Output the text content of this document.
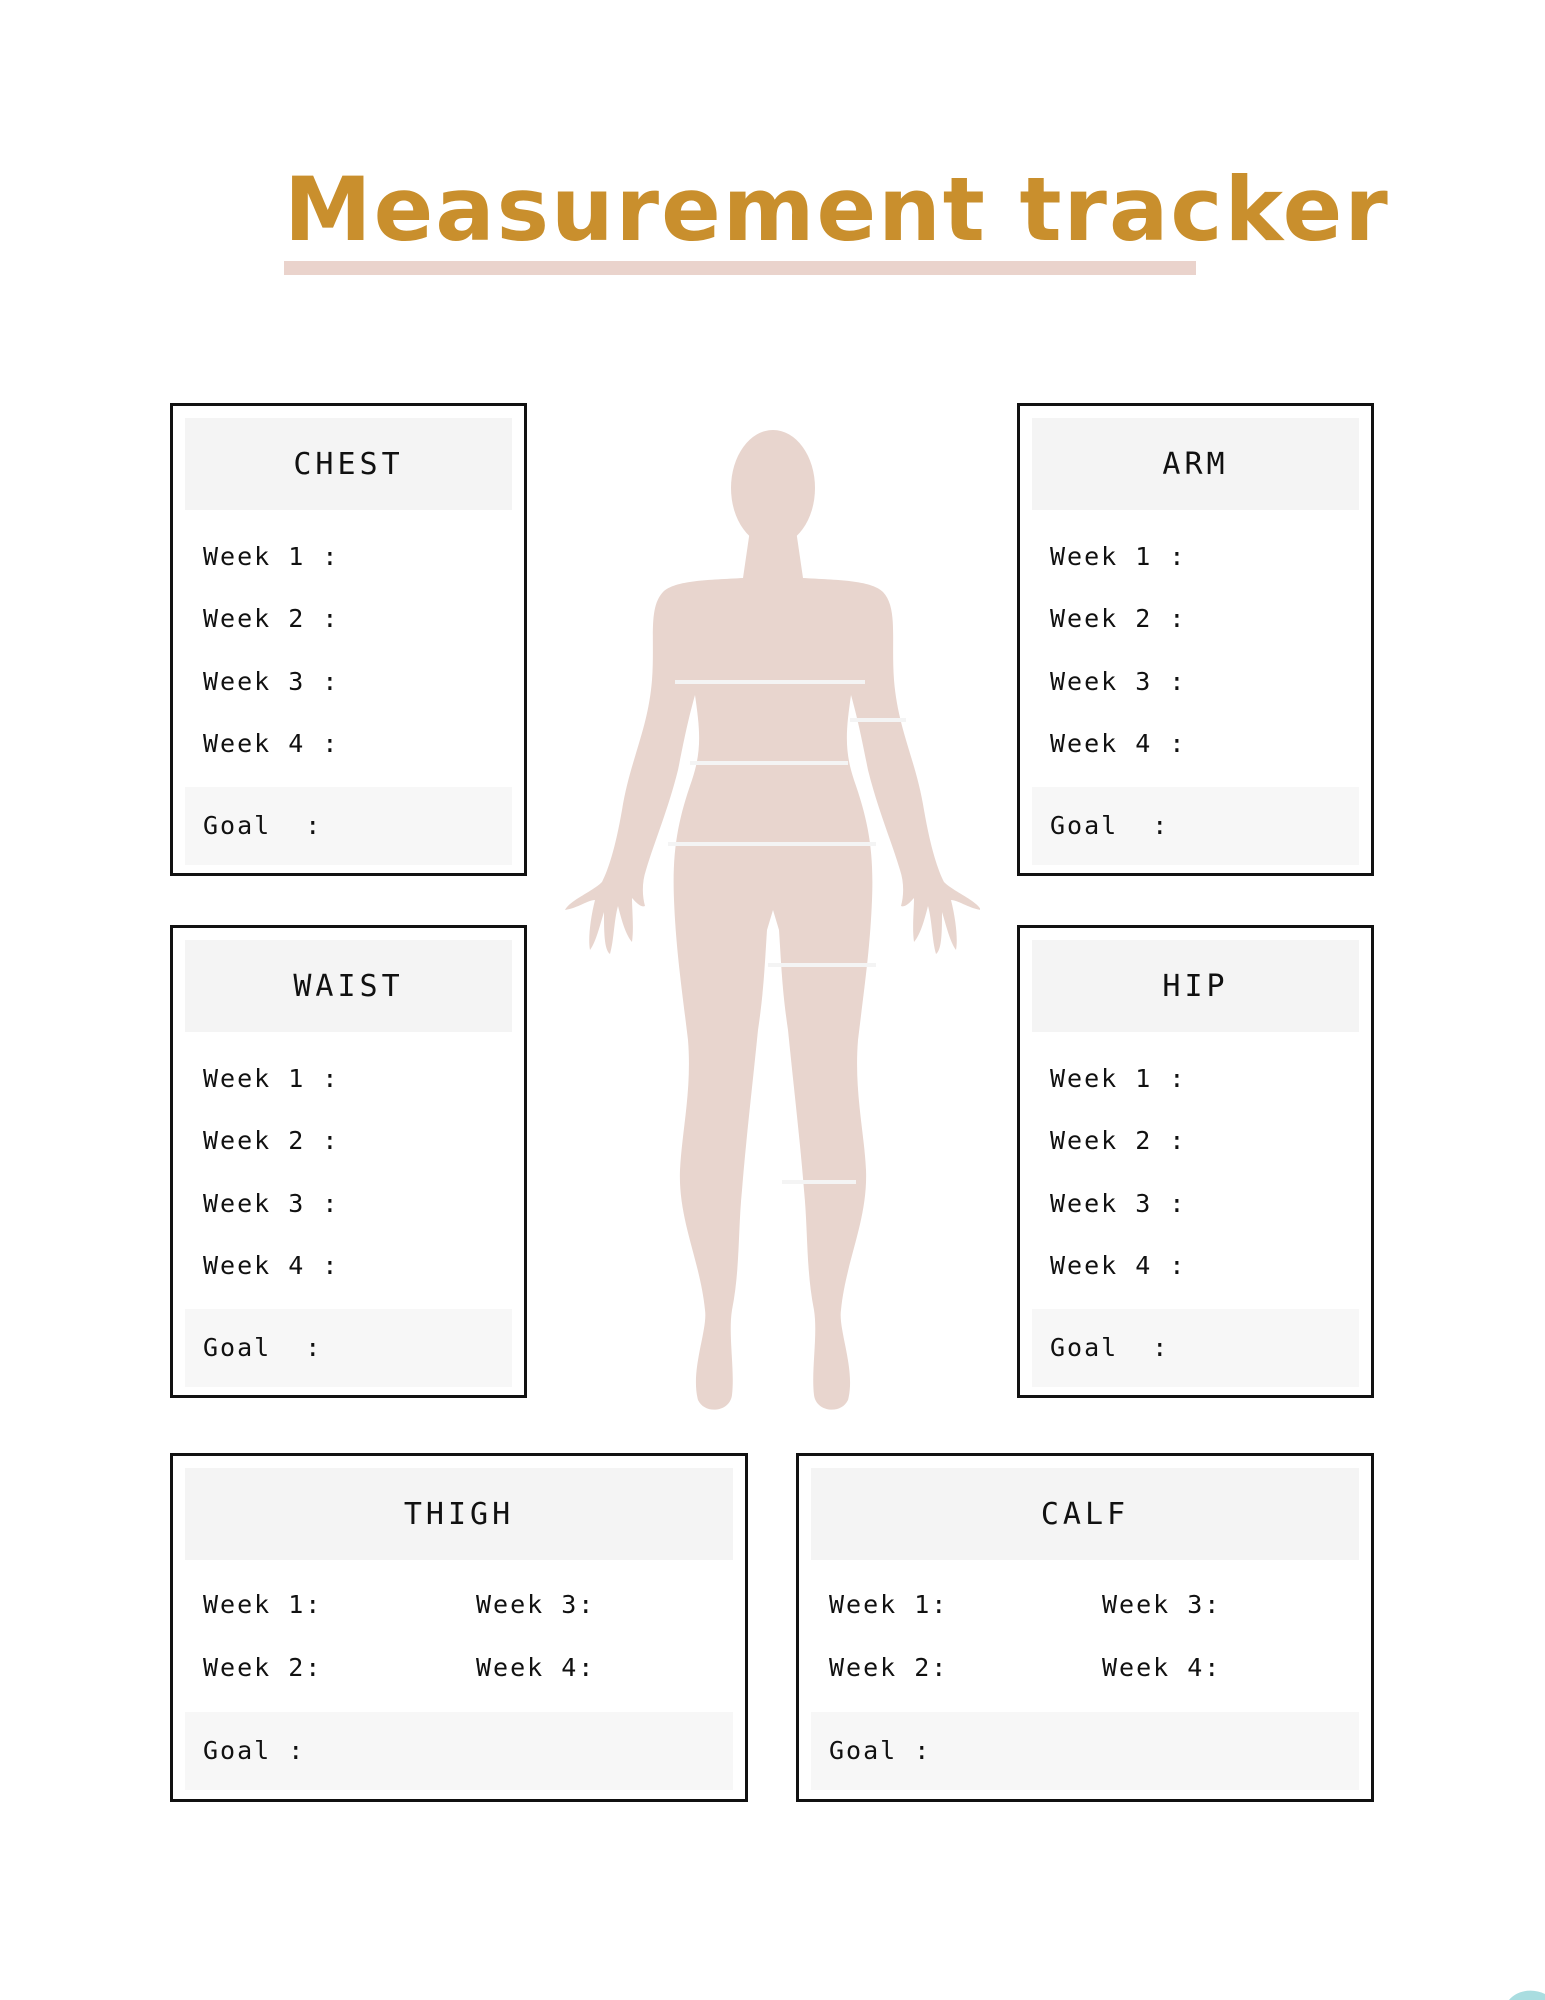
Measurement tracker
CHEST
Week 1 :
Week 2 :
Week 3 :
Week 4 :
Goal  :
ARM
Week 1 :
Week 2 :
Week 3 :
Week 4 :
Goal  :
WAIST
Week 1 :
Week 2 :
Week 3 :
Week 4 :
Goal  :
HIP
Week 1 :
Week 2 :
Week 3 :
Week 4 :
Goal  :
THIGH
Week 1:	Week 3:
Week 2:	Week 4:
Goal :
CALF
Week 1:	Week 3:
Week 2:	Week 4:
Goal :
